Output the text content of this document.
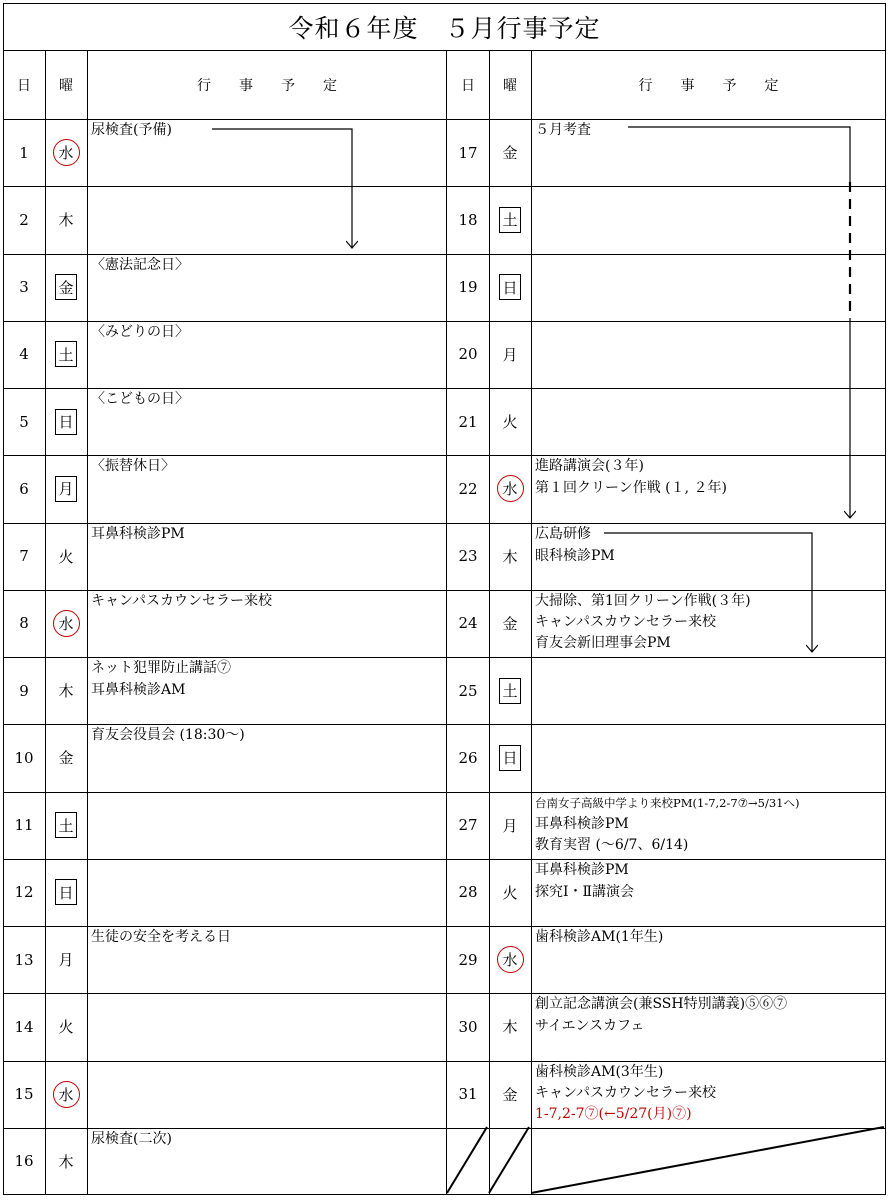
令和６年度　５月行事予定
日	曜	行　　事　　予　　定	日	曜	行　　事　　予　　定
1	水
尿検査(予備)
2	木
3	金
〈憲法記念日〉
4	土
〈みどりの日〉
5	日
〈こどもの日〉
6	月
〈振替休日〉
7	火
耳鼻科検診PM
8	水
キャンパスカウンセラー来校
9	木
ネット犯罪防止講話⑦
耳鼻科検診AM
10	金
育友会役員会 (18:30～)
11	土
12	日
13	月
生徒の安全を考える日
14	火
15	水
16	木
尿検査(二次)
17	金
５月考査
18	土
19	日
20	月
21	火
22	水
進路講演会(３年)
第１回クリーン作戦 (１, ２年)
23	木
広島研修
眼科検診PM
24	金
大掃除、第1回クリーン作戦(３年)
キャンパスカウンセラー来校
育友会新旧理事会PM
25	土
26	日
27	月
台南女子高級中学より来校PM(1-7,2-7⑦→5/31へ)
耳鼻科検診PM
教育実習 (～6/7、6/14)
28	火
耳鼻科検診PM
探究Ⅰ・Ⅱ講演会
29	水
歯科検診AM(1年生)
30	木
創立記念講演会(兼SSH特別講義)⑤⑥⑦
サイエンスカフェ
31	金
歯科検診AM(3年生)
キャンパスカウンセラー来校
1-7,2-7⑦(←5/27(月)⑦)
